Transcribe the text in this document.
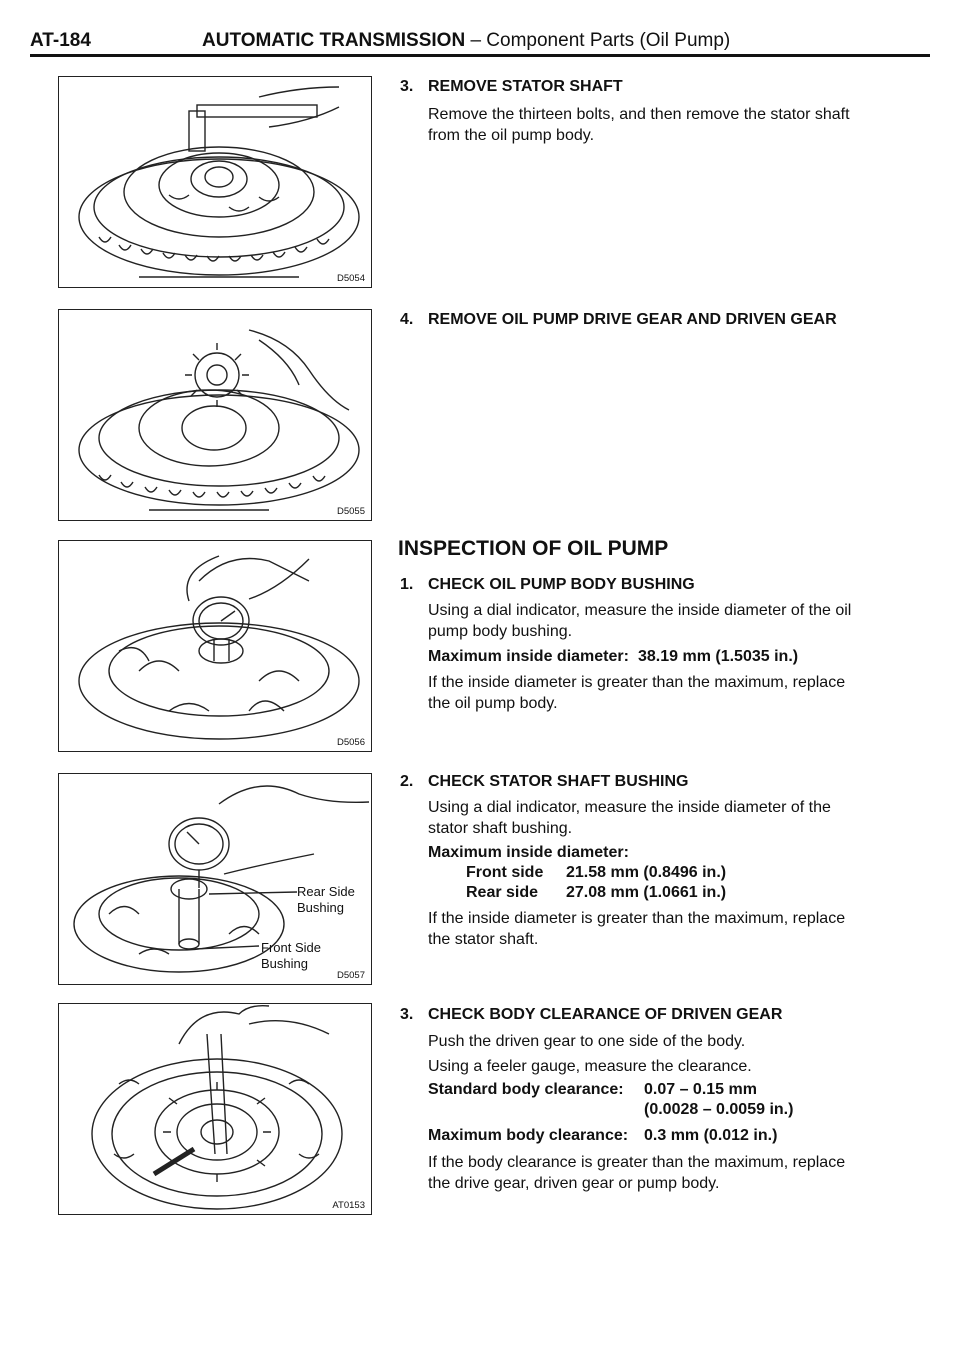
AT-184	AUTOMATIC TRANSMISSION – Component Parts (Oil Pump)
D5054
D5055
D5056
Rear Side
Bushing
Front Side
Bushing
D5057
AT0153
3. REMOVE STATOR SHAFT
Remove the thirteen bolts, and then remove the stator shaft from the oil pump body.
4. REMOVE OIL PUMP DRIVE GEAR AND DRIVEN GEAR
INSPECTION OF OIL PUMP
1. CHECK OIL PUMP BODY BUSHING
Using a dial indicator, measure the inside diameter of the oil pump body bushing.
Maximum inside diameter: 38.19 mm (1.5035 in.)
If the inside diameter is greater than the maximum, replace the oil pump body.
2. CHECK STATOR SHAFT BUSHING
Using a dial indicator, measure the inside diameter of the stator shaft bushing.
Maximum inside diameter:
Front side 21.58 mm (0.8496 in.)
Rear side 27.08 mm (1.0661 in.)
If the inside diameter is greater than the maximum, replace the stator shaft.
3. CHECK BODY CLEARANCE OF DRIVEN GEAR
Push the driven gear to one side of the body.
Using a feeler gauge, measure the clearance.
Standard body clearance: 0.07 – 0.15 mm
(0.0028 – 0.0059 in.)
Maximum body clearance: 0.3 mm (0.012 in.)
If the body clearance is greater than the maximum, replace the drive gear, driven gear or pump body.
